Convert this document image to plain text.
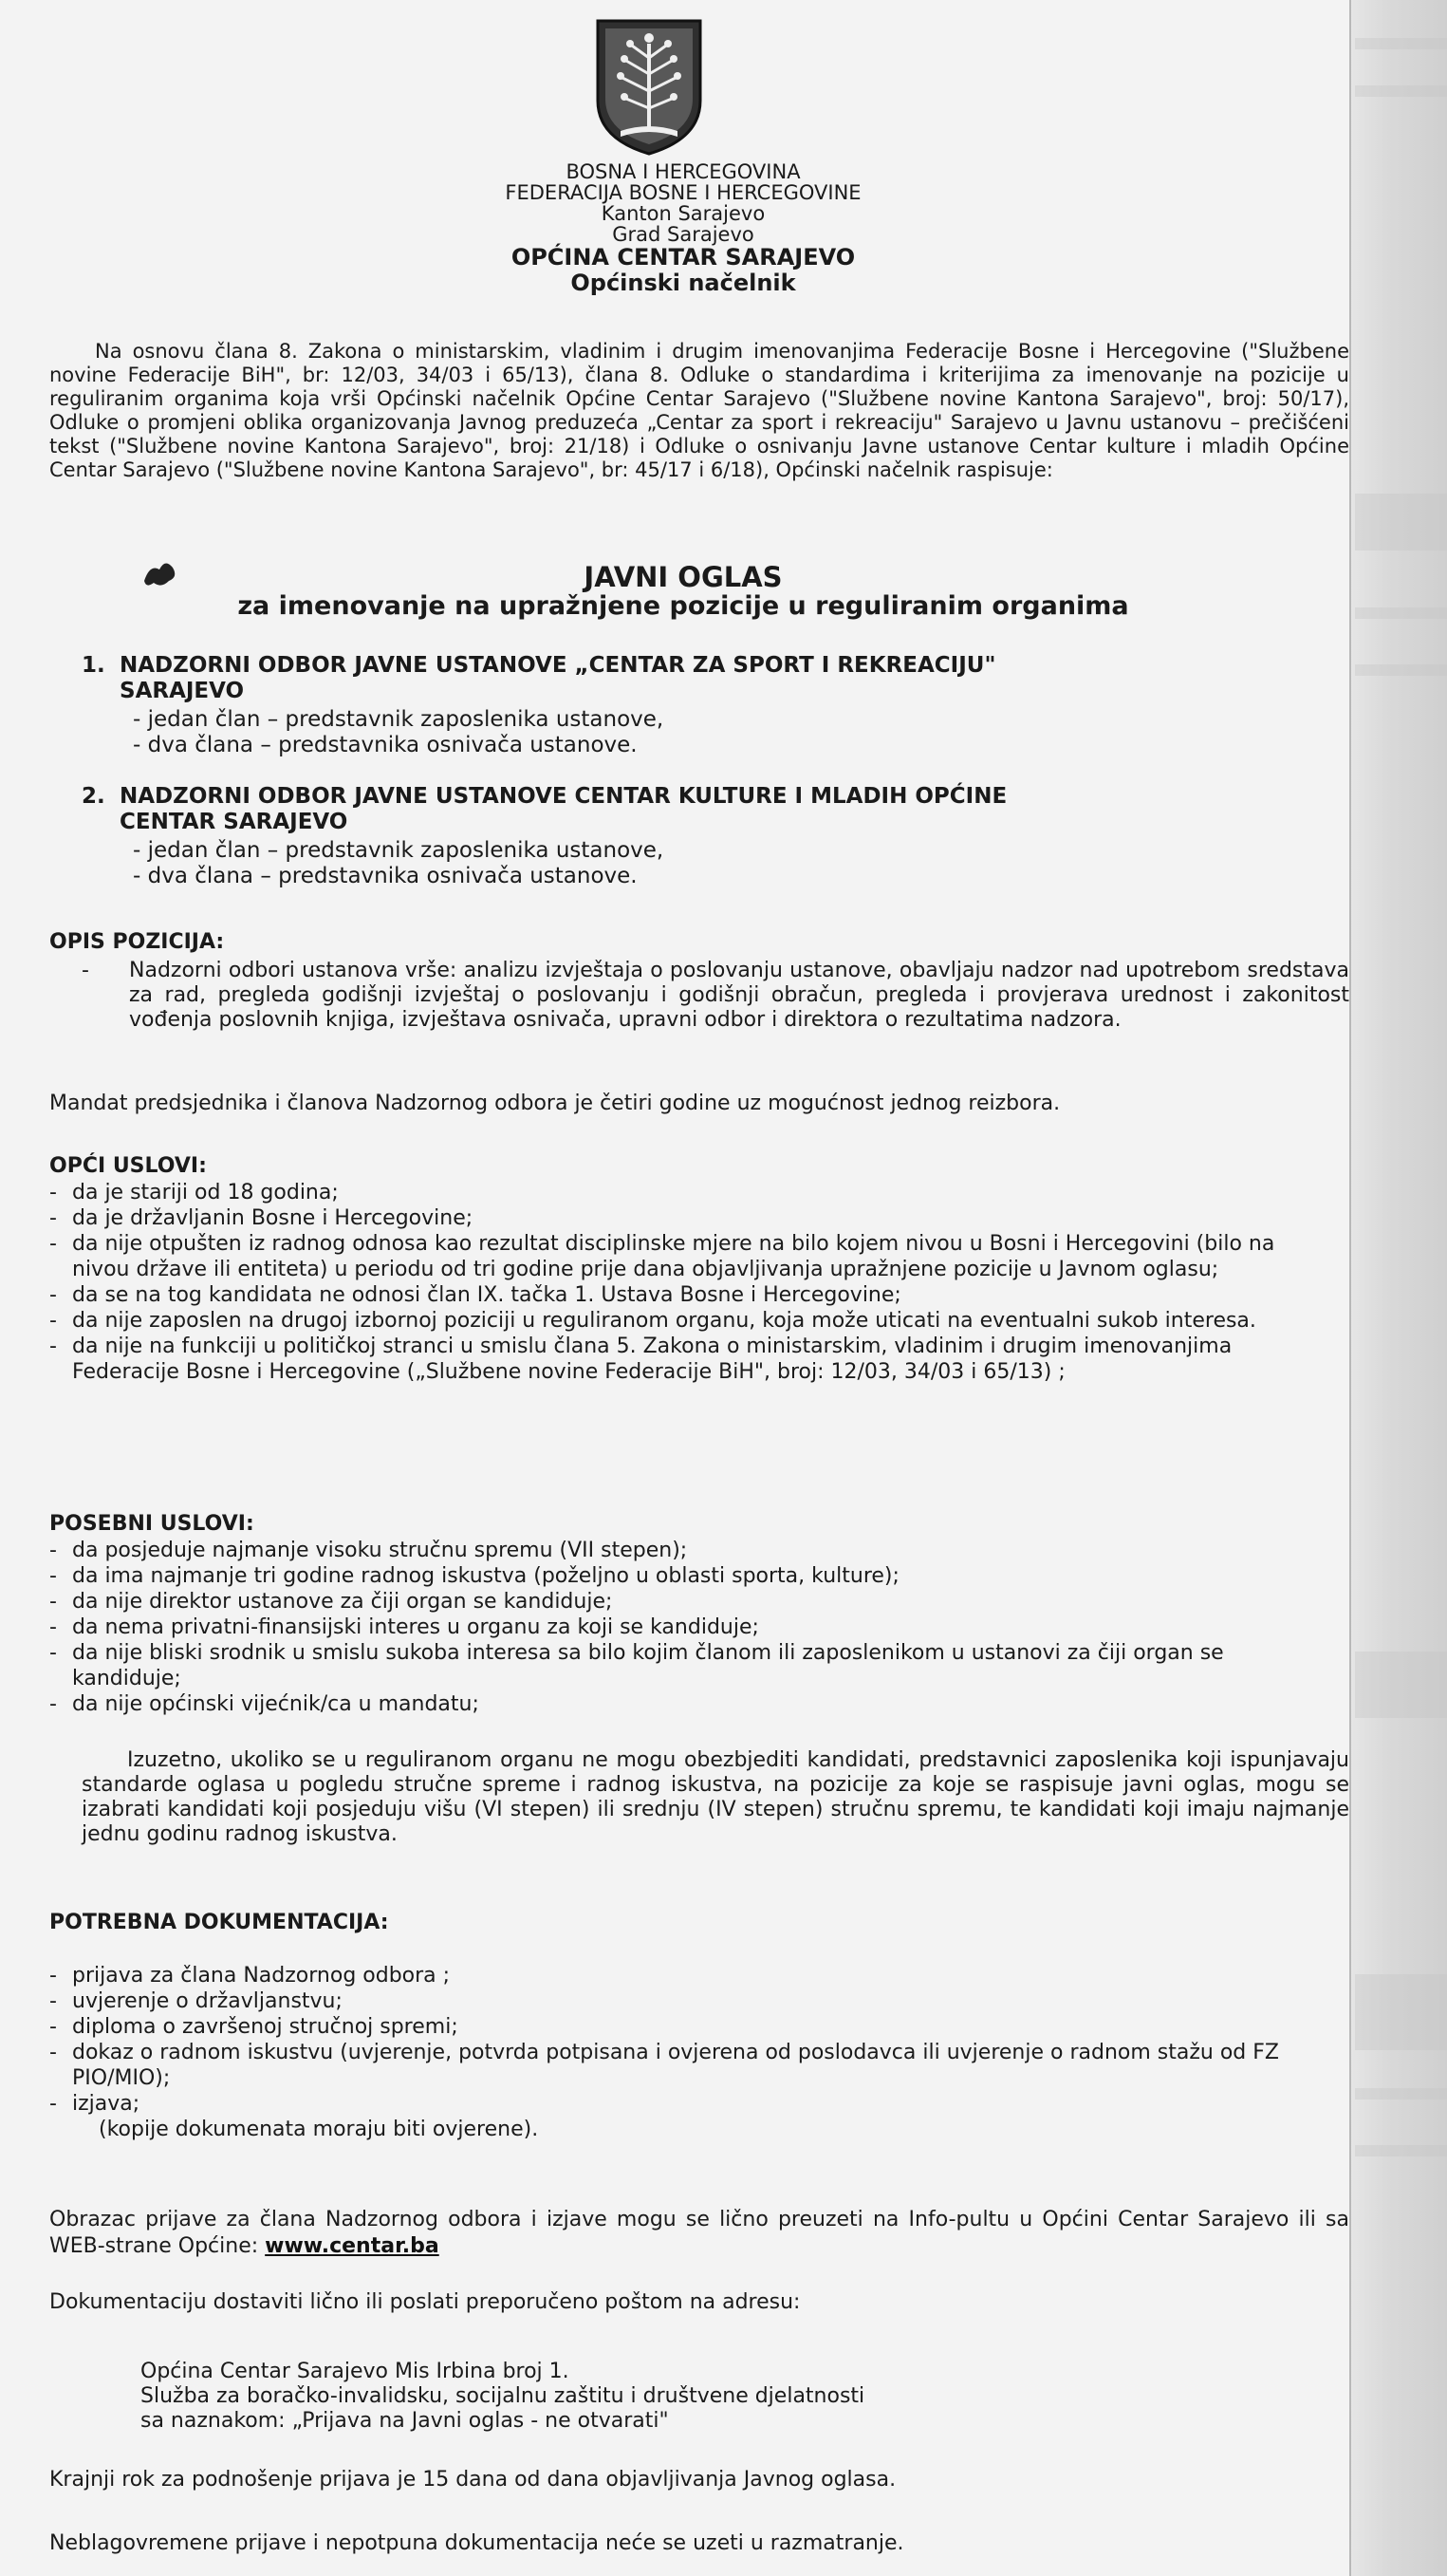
BOSNA I HERCEGOVINA
FEDERACIJA BOSNE I HERCEGOVINE
Kanton Sarajevo
Grad Sarajevo
OPĆINA CENTAR SARAJEVO
Općinski načelnik
Na osnovu člana 8. Zakona o ministarskim, vladinim i drugim imenovanjima Federacije Bosne i Hercegovine ("Službene novine Federacije BiH", br: 12/03, 34/03 i 65/13), člana 8. Odluke o standardima i kriterijima za imenovanje na pozicije u reguliranim organima koja vrši Općinski načelnik Općine Centar Sarajevo ("Službene novine Kantona Sarajevo", broj: 50/17), Odluke o promjeni oblika organizovanja Javnog preduzeća „Centar za sport i rekreaciju" Sarajevo u Javnu ustanovu – prečišćeni tekst ("Službene novine Kantona Sarajevo", broj: 21/18) i Odluke o osnivanju Javne ustanove Centar kulture i mladih Općine Centar Sarajevo ("Službene novine Kantona Sarajevo", br: 45/17 i 6/18), Općinski načelnik raspisuje:
JAVNI OGLAS
za imenovanje na upražnjene pozicije u reguliranim organima
1. NADZORNI ODBOR JAVNE USTANOVE „CENTAR ZA SPORT I REKREACIJU"
SARAJEVO
- jedan član – predstavnik zaposlenika ustanove,
- dva člana – predstavnika osnivača ustanove.
2. NADZORNI ODBOR JAVNE USTANOVE CENTAR KULTURE I MLADIH OPĆINE
CENTAR SARAJEVO
- jedan član – predstavnik zaposlenika ustanove,
- dva člana – predstavnika osnivača ustanove.
OPIS POZICIJA:
- Nadzorni odbori ustanova vrše: analizu izvještaja o poslovanju ustanove, obavljaju nadzor nad upotrebom sredstava za rad, pregleda godišnji izvještaj o poslovanju i godišnji obračun, pregleda i provjerava urednost i zakonitost vođenja poslovnih knjiga, izvještava osnivača, upravni odbor i direktora o rezultatima nadzora.
Mandat predsjednika i članova Nadzornog odbora je četiri godine uz mogućnost jednog reizbora.
OPĆI USLOVI:
- da je stariji od 18 godina;
- da je državljanin Bosne i Hercegovine;
- da nije otpušten iz radnog odnosa kao rezultat disciplinske mjere na bilo kojem nivou u Bosni i Hercegovini (bilo na nivou države ili entiteta) u periodu od tri godine prije dana objavljivanja upražnjene pozicije u Javnom oglasu;
- da se na tog kandidata ne odnosi član IX. tačka 1. Ustava Bosne i Hercegovine;
- da nije zaposlen na drugoj izbornoj poziciji u reguliranom organu, koja može uticati na eventualni sukob interesa.
- da nije na funkciji u političkoj stranci u smislu člana 5. Zakona o ministarskim, vladinim i drugim imenovanjima Federacije Bosne i Hercegovine („Službene novine Federacije BiH", broj: 12/03, 34/03 i 65/13) ;
POSEBNI USLOVI:
- da posjeduje najmanje visoku stručnu spremu (VII stepen);
- da ima najmanje tri godine radnog iskustva (poželjno u oblasti sporta, kulture);
- da nije direktor ustanove za čiji organ se kandiduje;
- da nema privatni-finansijski interes u organu za koji se kandiduje;
- da nije bliski srodnik u smislu sukoba interesa sa bilo kojim članom ili zaposlenikom u ustanovi za čiji organ se kandiduje;
- da nije općinski vijećnik/ca u mandatu;
Izuzetno, ukoliko se u reguliranom organu ne mogu obezbjediti kandidati, predstavnici zaposlenika koji ispunjavaju standarde oglasa u pogledu stručne spreme i radnog iskustva, na pozicije za koje se raspisuje javni oglas, mogu se izabrati kandidati koji posjeduju višu (VI stepen) ili srednju (IV stepen) stručnu spremu, te kandidati koji imaju najmanje jednu godinu radnog iskustva.
POTREBNA DOKUMENTACIJA:
- prijava za člana Nadzornog odbora ;
- uvjerenje o državljanstvu;
- diploma o završenoj stručnoj spremi;
- dokaz o radnom iskustvu (uvjerenje, potvrda potpisana i ovjerena od poslodavca ili uvjerenje o radnom stažu od FZ PIO/MIO);
- izjava;
(kopije dokumenata moraju biti ovjerene).
Obrazac prijave za člana Nadzornog odbora i izjave mogu se lično preuzeti na Info-pultu u Općini Centar Sarajevo ili sa WEB-strane Općine: www.centar.ba
Dokumentaciju dostaviti lično ili poslati preporučeno poštom na adresu:
Općina Centar Sarajevo Mis Irbina broj 1.
Služba za boračko-invalidsku, socijalnu zaštitu i društvene djelatnosti
sa naznakom: „Prijava na Javni oglas - ne otvarati"
Krajnji rok za podnošenje prijava je 15 dana od dana objavljivanja Javnog oglasa.
Neblagovremene prijave i nepotpuna dokumentacija neće se uzeti u razmatranje.
